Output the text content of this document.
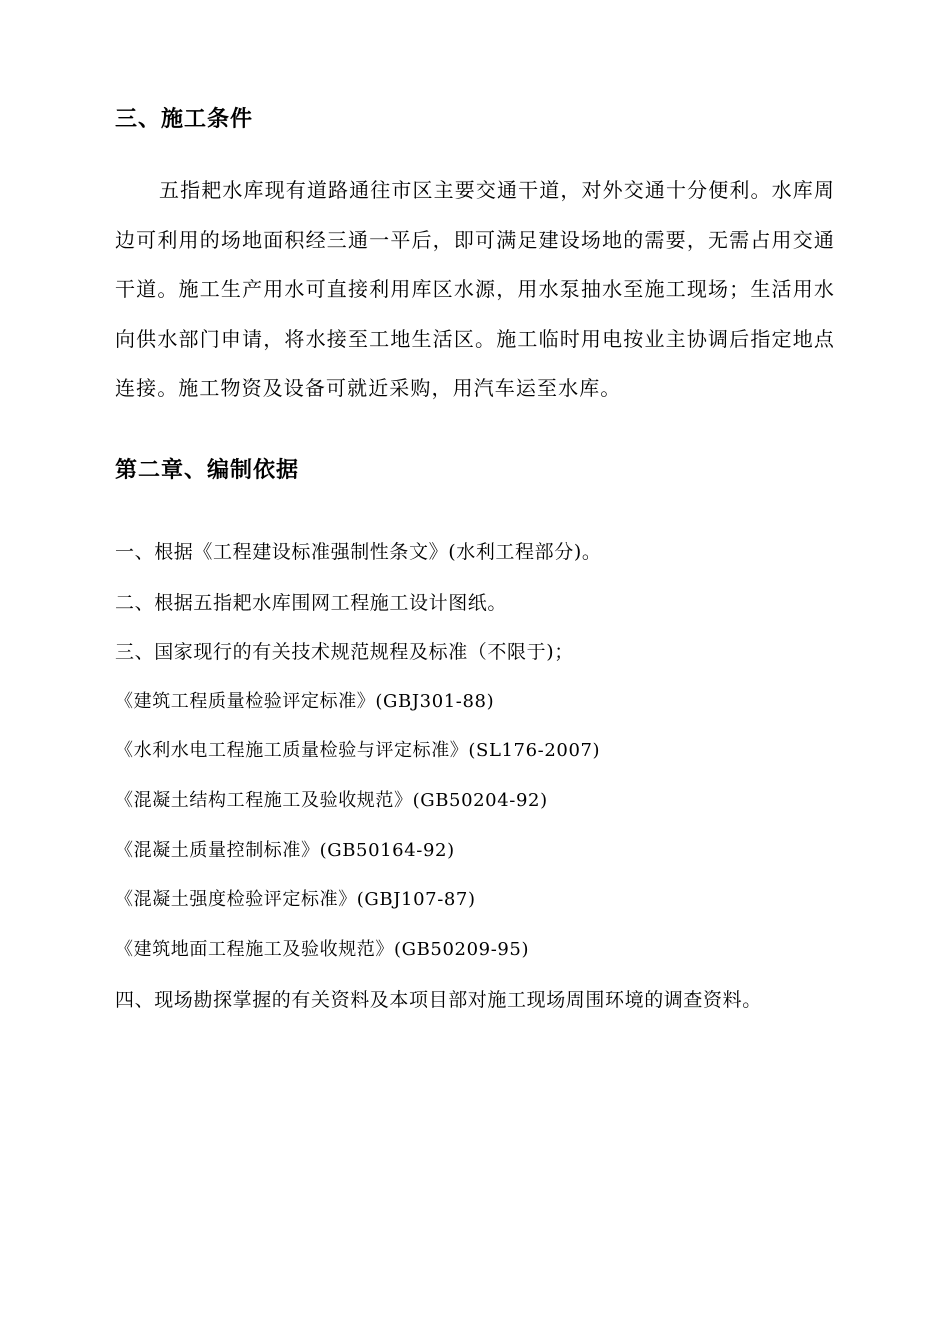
三、施工条件
五指耙水库现有道路通往市区主要交通干道，对外交通十分便利。水库周边可利用的场地面积经三通一平后，即可满足建设场地的需要，无需占用交通干道。施工生产用水可直接利用库区水源，用水泵抽水至施工现场；生活用水向供水部门申请，将水接至工地生活区。施工临时用电按业主协调后指定地点连接。施工物资及设备可就近采购，用汽车运至水库。
第二章、编制依据
一、根据《工程建设标准强制性条文》(水利工程部分)。
二、根据五指耙水库围网工程施工设计图纸。
三、国家现行的有关技术规范规程及标准（不限于)；
《建筑工程质量检验评定标准》(GBJ301-88)
《水利水电工程施工质量检验与评定标准》(SL176-2007)
《混凝土结构工程施工及验收规范》(GB50204-92)
《混凝土质量控制标准》(GB50164-92)
《混凝土强度检验评定标准》(GBJ107-87)
《建筑地面工程施工及验收规范》(GB50209-95)
四、现场勘探掌握的有关资料及本项目部对施工现场周围环境的调查资料。
